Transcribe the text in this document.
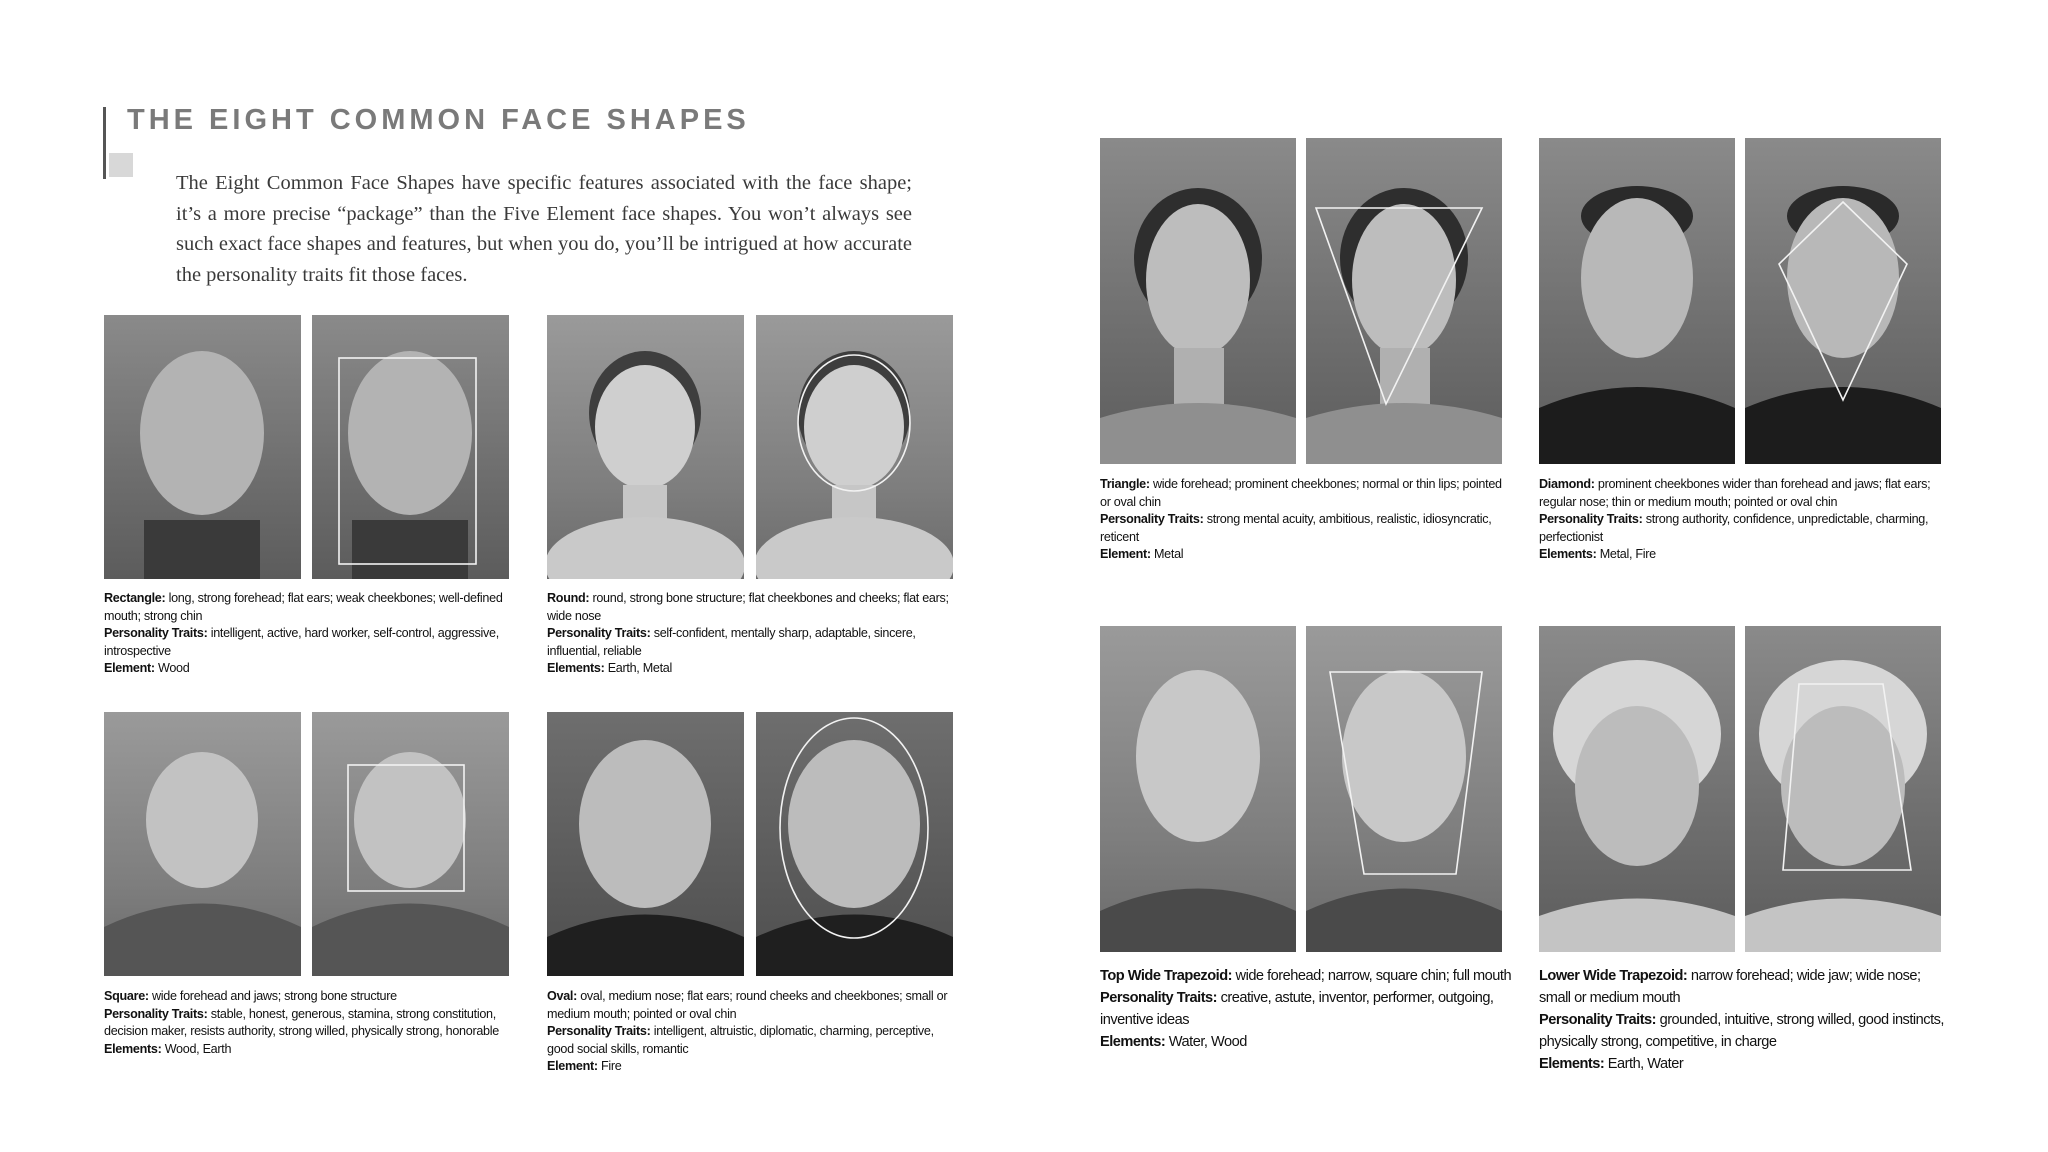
THE EIGHT COMMON FACE SHAPES
The Eight Common Face Shapes have specific features associated with the face shape; it’s a more precise “package” than the Five Element face shapes. You won’t always see such exact face shapes and features, but when you do, you’ll be intrigued at how accurate the personality traits fit those faces.

Rectangle: long, strong forehead; flat ears; weak cheekbones; well-defined mouth; strong chin

Personality Traits: intelligent, active, hard worker, self-control, aggressive, introspective

Element: Wood

Round: round, strong bone structure; flat cheekbones and cheeks; flat ears; wide nose

Personality Traits: self-confident, mentally sharp, adaptable, sincere, influential, reliable

Elements: Earth, Metal

Square: wide forehead and jaws; strong bone structure

Personality Traits: stable, honest, generous, stamina, strong constitution, decision maker, resists authority, strong willed, physically strong, honorable

Elements: Wood, Earth

Oval: oval, medium nose; flat ears; round cheeks and cheekbones; small or medium mouth; pointed or oval chin

Personality Traits: intelligent, altruistic, diplomatic, charming, perceptive, good social skills, romantic

Element: Fire

Triangle: wide forehead; prominent cheekbones; normal or thin lips; pointed or oval chin

Personality Traits: strong mental acuity, ambitious, realistic, idiosyncratic, reticent

Element: Metal

Diamond: prominent cheekbones wider than forehead and jaws; flat ears; regular nose; thin or medium mouth; pointed or oval chin

Personality Traits: strong authority, confidence, unpredictable, charming, perfectionist

Elements: Metal, Fire

Top Wide Trapezoid: wide forehead; narrow, square chin; full mouth

Personality Traits: creative, astute, inventor, performer, outgoing, inventive ideas

Elements: Water, Wood

Lower Wide Trapezoid: narrow forehead; wide jaw; wide nose; small or medium mouth

Personality Traits: grounded, intuitive, strong willed, good instincts, physically strong, competitive, in charge

Elements: Earth, Water
